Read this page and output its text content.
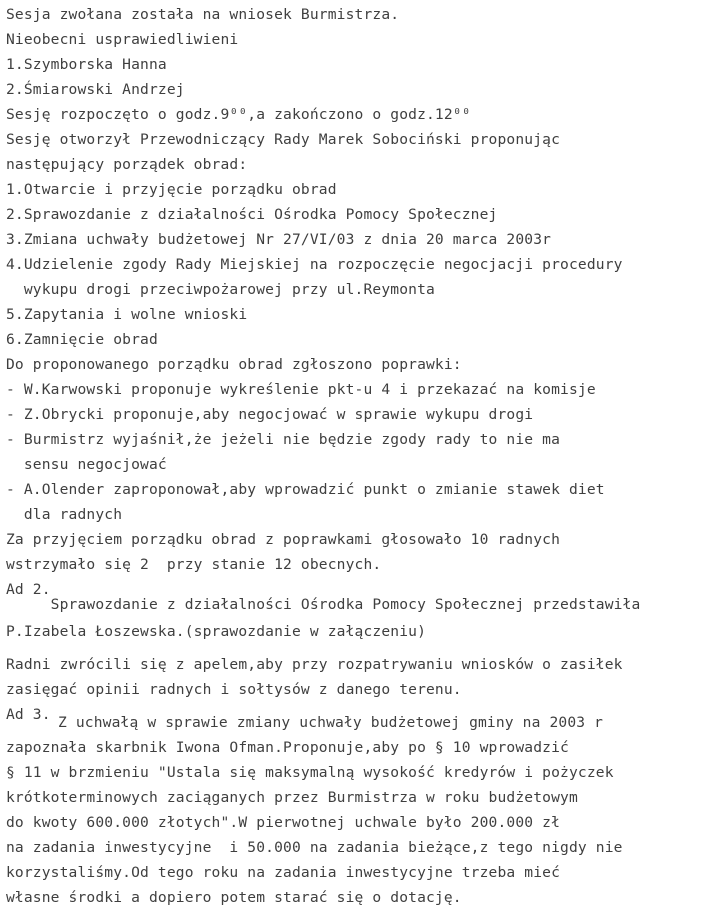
Sesja zwołana została na wniosek Burmistrza.
Nieobecni usprawiedliwieni
1.Szymborska Hanna
2.Śmiarowski Andrzej
Sesję rozpoczęto o godz.9⁰⁰,a zakończono o godz.12⁰⁰
Sesję otworzył Przewodniczący Rady Marek Sobociński proponując
następujący porządek obrad:
1.Otwarcie i przyjęcie porządku obrad
2.Sprawozdanie z działalności Ośrodka Pomocy Społecznej
3.Zmiana uchwały budżetowej Nr 27/VI/03 z dnia 20 marca 2003r
4.Udzielenie zgody Rady Miejskiej na rozpoczęcie negocjacji procedury
wykupu drogi przeciwpożarowej przy ul.Reymonta
5.Zapytania i wolne wnioski
6.Zamnięcie obrad
Do proponowanego porządku obrad zgłoszono poprawki:
- W.Karwowski proponuje wykreślenie pkt-u 4 i przekazać na komisje
- Z.Obrycki proponuje,aby negocjować w sprawie wykupu drogi
- Burmistrz wyjaśnił,że jeżeli nie będzie zgody rady to nie ma
sensu negocjować
- A.Olender zaproponował,aby wprowadzić punkt o zmianie stawek diet
dla radnych
Za przyjęciem porządku obrad z poprawkami głosowało 10 radnych
wstrzymało się 2  przy stanie 12 obecnych.
Ad 2.
Sprawozdanie z działalności Ośrodka Pomocy Społecznej przedstawiła
P.Izabela Łoszewska.(sprawozdanie w załączeniu)
Radni zwrócili się z apelem,aby przy rozpatrywaniu wniosków o zasiłek
zasięgać opinii radnych i sołtysów z danego terenu.
Ad 3. Z uchwałą w sprawie zmiany uchwały budżetowej gminy na 2003 r
zapoznała skarbnik Iwona Ofman.Proponuje,aby po § 10 wprowadzić
§ 11 w brzmieniu "Ustala się maksymalną wysokość kredyrów i pożyczek
krótkoterminowych zaciąganych przez Burmistrza w roku budżetowym
do kwoty 600.000 złotych".W pierwotnej uchwale było 200.000 zł
na zadania inwestycyjne  i 50.000 na zadania bieżące,z tego nigdy nie
korzystaliśmy.Od tego roku na zadania inwestycyjne trzeba mieć
własne środki a dopiero potem starać się o dotację.
